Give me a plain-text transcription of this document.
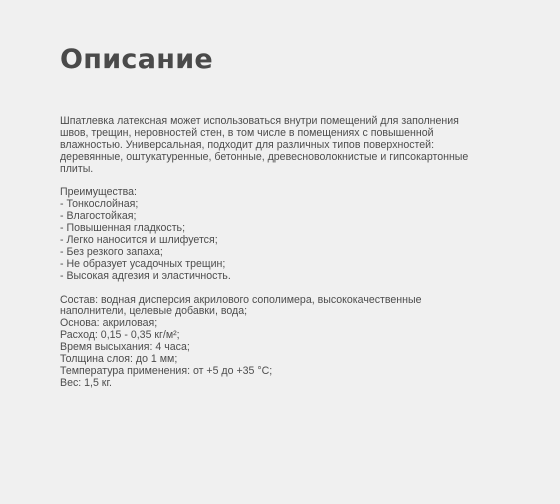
Описание

Шпатлевка латексная может использоваться внутри помещений для заполнения
швов, трещин, неровностей стен, в том числе в помещениях с повышенной
влажностью. Универсальная, подходит для различных типов поверхностей:
деревянные, оштукатуренные, бетонные, древесноволокнистые и гипсокартонные
плиты.

Преимущества:
- Тонкослойная;
- Влагостойкая;
- Повышенная гладкость;
- Легко наносится и шлифуется;
- Без резкого запаха;
- Не образует усадочных трещин;
- Высокая адгезия и эластичность.

Состав: водная дисперсия акрилового сополимера, высококачественные
наполнители, целевые добавки, вода;
Основа: акриловая;
Расход: 0,15 - 0,35 кг/м²;
Время высыхания: 4 часа;
Толщина слоя: до 1 мм;
Температура применения: от +5 до +35 °С;
Вес: 1,5 кг.
